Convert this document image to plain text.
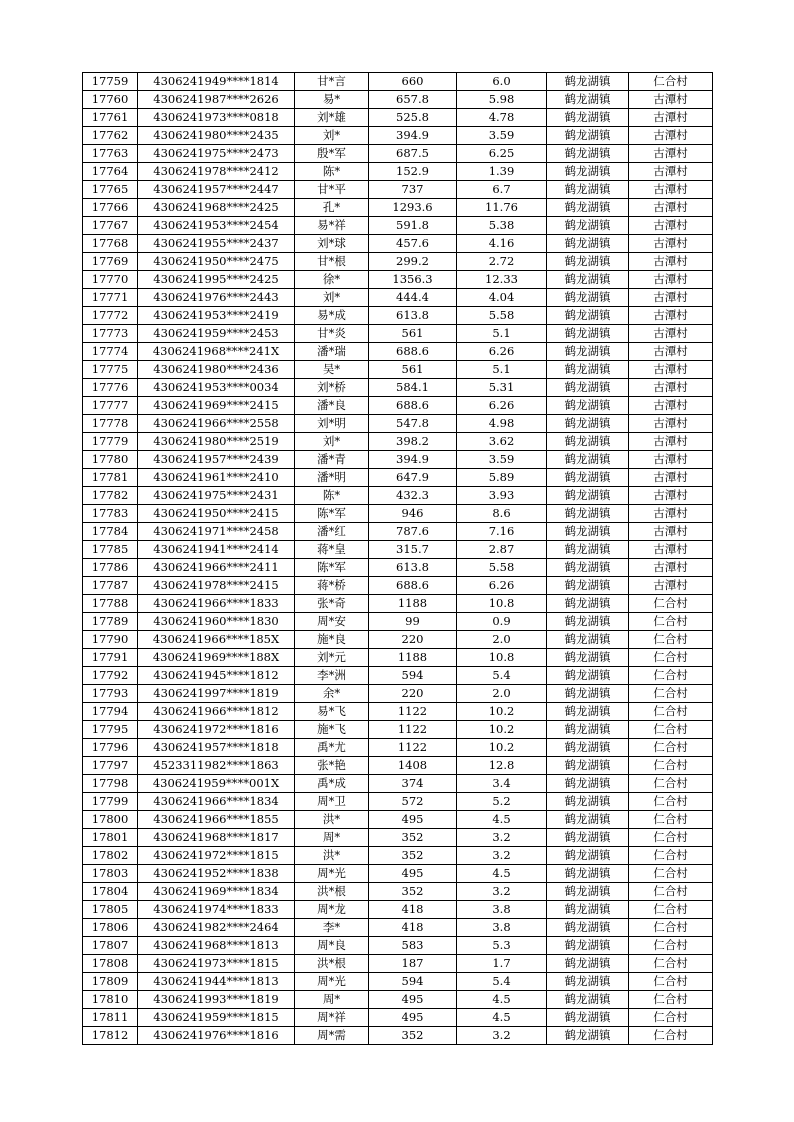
17759	4306241949****1814	甘*言	660	6.0	鹤龙湖镇	仁合村
17760	4306241987****2626	易*	657.8	5.98	鹤龙湖镇	古潭村
17761	4306241973****0818	刘*雄	525.8	4.78	鹤龙湖镇	古潭村
17762	4306241980****2435	刘*	394.9	3.59	鹤龙湖镇	古潭村
17763	4306241975****2473	殷*军	687.5	6.25	鹤龙湖镇	古潭村
17764	4306241978****2412	陈*	152.9	1.39	鹤龙湖镇	古潭村
17765	4306241957****2447	甘*平	737	6.7	鹤龙湖镇	古潭村
17766	4306241968****2425	孔*	1293.6	11.76	鹤龙湖镇	古潭村
17767	4306241953****2454	易*祥	591.8	5.38	鹤龙湖镇	古潭村
17768	4306241955****2437	刘*球	457.6	4.16	鹤龙湖镇	古潭村
17769	4306241950****2475	甘*根	299.2	2.72	鹤龙湖镇	古潭村
17770	4306241995****2425	徐*	1356.3	12.33	鹤龙湖镇	古潭村
17771	4306241976****2443	刘*	444.4	4.04	鹤龙湖镇	古潭村
17772	4306241953****2419	易*成	613.8	5.58	鹤龙湖镇	古潭村
17773	4306241959****2453	甘*炎	561	5.1	鹤龙湖镇	古潭村
17774	4306241968****241X	潘*瑞	688.6	6.26	鹤龙湖镇	古潭村
17775	4306241980****2436	吴*	561	5.1	鹤龙湖镇	古潭村
17776	4306241953****0034	刘*桥	584.1	5.31	鹤龙湖镇	古潭村
17777	4306241969****2415	潘*良	688.6	6.26	鹤龙湖镇	古潭村
17778	4306241966****2558	刘*明	547.8	4.98	鹤龙湖镇	古潭村
17779	4306241980****2519	刘*	398.2	3.62	鹤龙湖镇	古潭村
17780	4306241957****2439	潘*青	394.9	3.59	鹤龙湖镇	古潭村
17781	4306241961****2410	潘*明	647.9	5.89	鹤龙湖镇	古潭村
17782	4306241975****2431	陈*	432.3	3.93	鹤龙湖镇	古潭村
17783	4306241950****2415	陈*军	946	8.6	鹤龙湖镇	古潭村
17784	4306241971****2458	潘*红	787.6	7.16	鹤龙湖镇	古潭村
17785	4306241941****2414	蒋*皇	315.7	2.87	鹤龙湖镇	古潭村
17786	4306241966****2411	陈*军	613.8	5.58	鹤龙湖镇	古潭村
17787	4306241978****2415	蒋*桥	688.6	6.26	鹤龙湖镇	古潭村
17788	4306241966****1833	张*奇	1188	10.8	鹤龙湖镇	仁合村
17789	4306241960****1830	周*安	99	0.9	鹤龙湖镇	仁合村
17790	4306241966****185X	施*良	220	2.0	鹤龙湖镇	仁合村
17791	4306241969****188X	刘*元	1188	10.8	鹤龙湖镇	仁合村
17792	4306241945****1812	李*洲	594	5.4	鹤龙湖镇	仁合村
17793	4306241997****1819	余*	220	2.0	鹤龙湖镇	仁合村
17794	4306241966****1812	易*飞	1122	10.2	鹤龙湖镇	仁合村
17795	4306241972****1816	施*飞	1122	10.2	鹤龙湖镇	仁合村
17796	4306241957****1818	禹*尤	1122	10.2	鹤龙湖镇	仁合村
17797	4523311982****1863	张*艳	1408	12.8	鹤龙湖镇	仁合村
17798	4306241959****001X	禹*成	374	3.4	鹤龙湖镇	仁合村
17799	4306241966****1834	周*卫	572	5.2	鹤龙湖镇	仁合村
17800	4306241966****1855	洪*	495	4.5	鹤龙湖镇	仁合村
17801	4306241968****1817	周*	352	3.2	鹤龙湖镇	仁合村
17802	4306241972****1815	洪*	352	3.2	鹤龙湖镇	仁合村
17803	4306241952****1838	周*光	495	4.5	鹤龙湖镇	仁合村
17804	4306241969****1834	洪*根	352	3.2	鹤龙湖镇	仁合村
17805	4306241974****1833	周*龙	418	3.8	鹤龙湖镇	仁合村
17806	4306241982****2464	李*	418	3.8	鹤龙湖镇	仁合村
17807	4306241968****1813	周*良	583	5.3	鹤龙湖镇	仁合村
17808	4306241973****1815	洪*根	187	1.7	鹤龙湖镇	仁合村
17809	4306241944****1813	周*光	594	5.4	鹤龙湖镇	仁合村
17810	4306241993****1819	周*	495	4.5	鹤龙湖镇	仁合村
17811	4306241959****1815	周*祥	495	4.5	鹤龙湖镇	仁合村
17812	4306241976****1816	周*需	352	3.2	鹤龙湖镇	仁合村
